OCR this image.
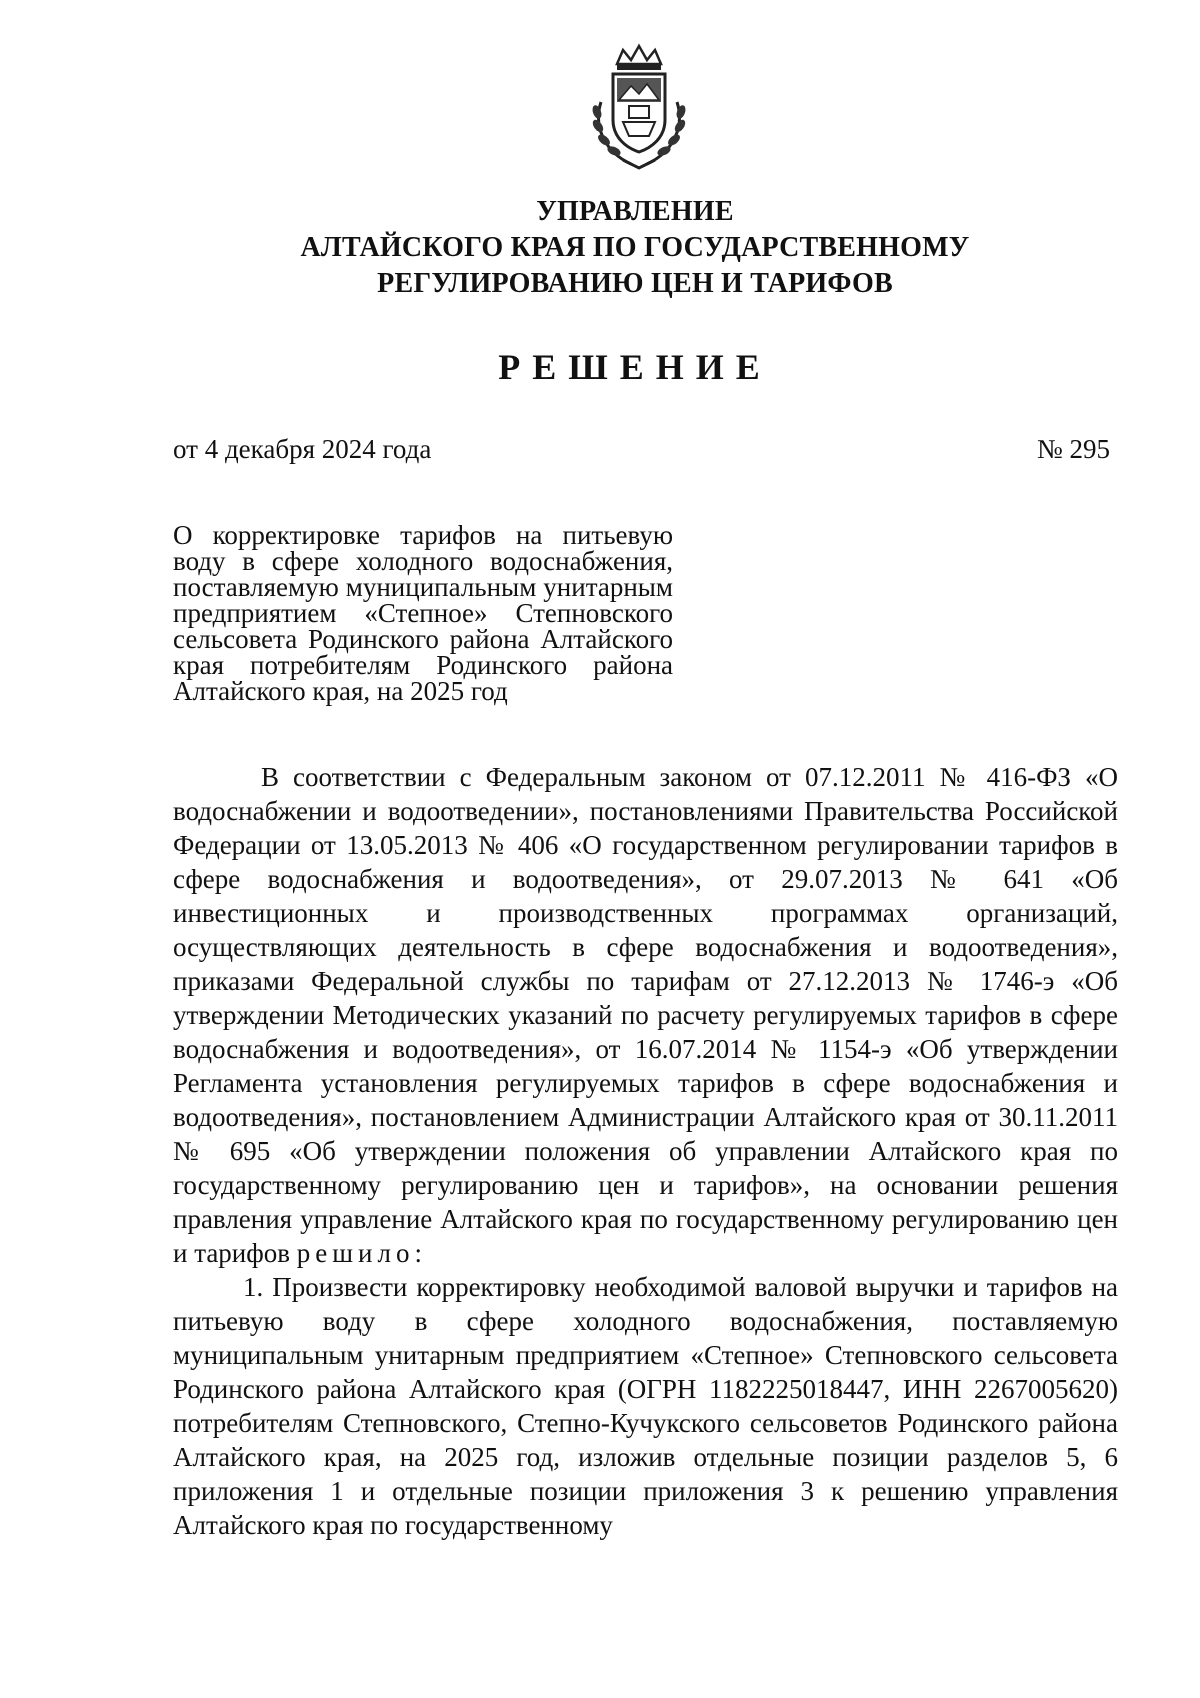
УПРАВЛЕНИЕ
АЛТАЙСКОГО КРАЯ ПО ГОСУДАРСТВЕННОМУ
РЕГУЛИРОВАНИЮ ЦЕН И ТАРИФОВ
РЕШЕНИЕ
от 4 декабря 2024 года	№ 295
О корректировке тарифов на питьевую воду в сфере холодного водоснабжения, поставляемую муниципальным унитарным предприятием «Степное» Степновского сельсовета Родинского района Алтайского края потребителям Родинского района Алтайского края, на 2025 год

В соответствии с Федеральным законом от 07.12.2011 № 416-ФЗ «О водоснабжении и водоотведении», постановлениями Правительства Российской Федерации от 13.05.2013 № 406 «О государственном регулировании тарифов в сфере водоснабжения и водоотведения», от 29.07.2013 № 641 «Об инвестиционных и производственных программах организаций, осуществляющих деятельность в сфере водоснабжения и водоотведения», приказами Федеральной службы по тарифам от 27.12.2013 № 1746-э «Об утверждении Методических указаний по расчету регулируемых тарифов в сфере водоснабжения и водоотведения», от 16.07.2014 № 1154-э «Об утверждении Регламента установления регулируемых тарифов в сфере водоснабжения и водоотведения», постановлением Администрации Алтайского края от 30.11.2011 № 695 «Об утверждении положения об управлении Алтайского края по государственному регулированию цен и тарифов», на основании решения правления управление Алтайского края по государственному регулированию цен и тарифов решило:

1. Произвести корректировку необходимой валовой выручки и тарифов на питьевую воду в сфере холодного водоснабжения, поставляемую муниципальным унитарным предприятием «Степное» Степновского сельсовета Родинского района Алтайского края (ОГРН 1182225018447, ИНН 2267005620) потребителям Степновского, Степно-Кучукского сельсоветов Родинского района Алтайского края, на 2025 год, изложив отдельные позиции разделов 5, 6 приложения 1 и отдельные позиции приложения 3 к решению управления Алтайского края по государственному
